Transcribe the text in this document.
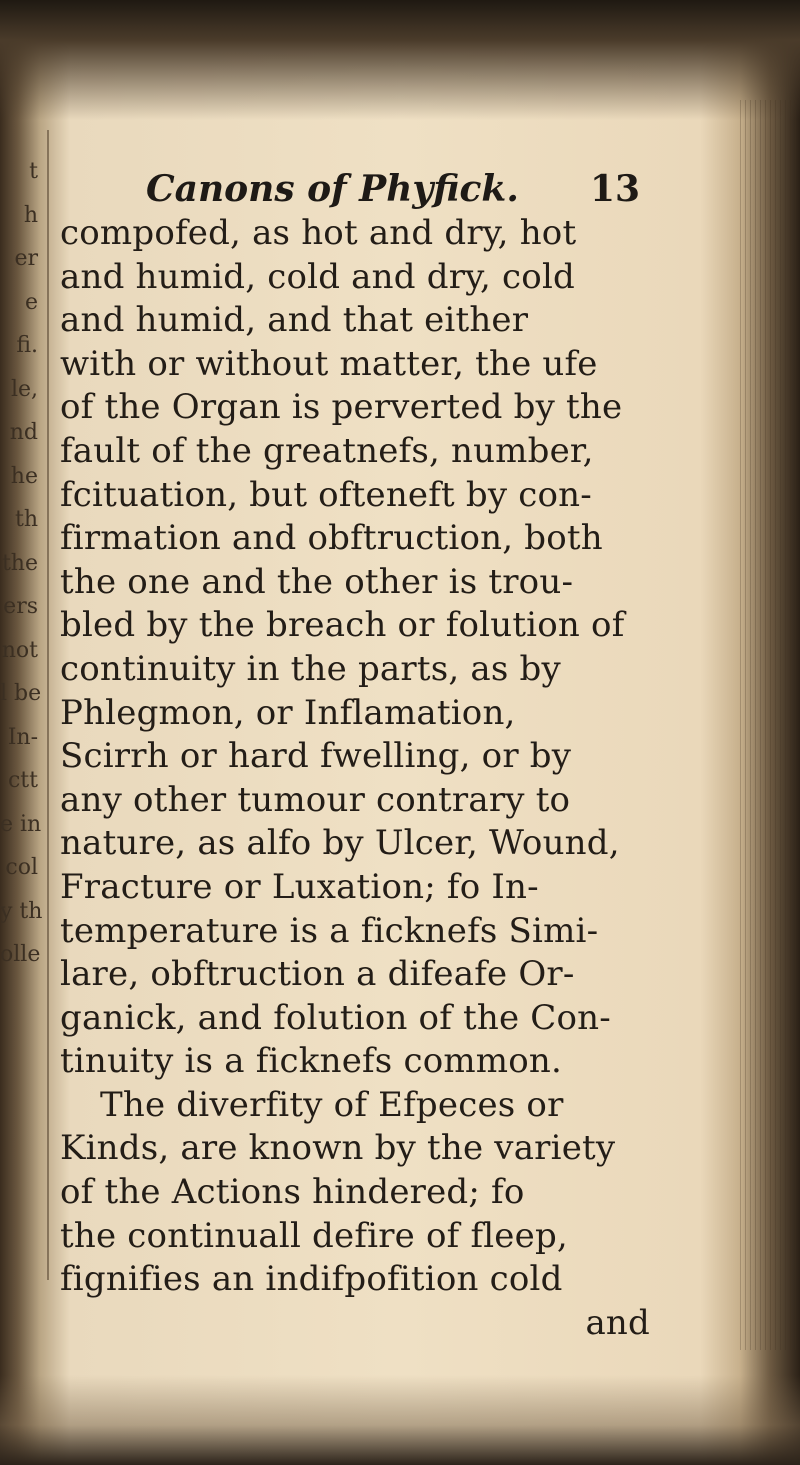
t
h
er
e
fi.
le,
nd
he
th
the
ers
not
l be
In-
ctt
e in
col
y th
olle
Canons of Phyfick. 13
compofed, as hot and dry, hot
and humid, cold and dry, cold
and humid, and that either
with or without matter, the ufe
of the Organ is perverted by the
fault of the greatnefs, number,
fcituation, but ofteneft by con-
firmation and obftruction, both
the one and the other is trou-
bled by the breach or folution of
continuity in the parts, as by
Phlegmon, or Inflamation,
Scirrh or hard fwelling, or by
any other tumour contrary to
nature, as alfo by Ulcer, Wound,
Fracture or Luxation; fo In-
temperature is a ficknefs Simi-
lare, obftruction a difeafe Or-
ganick, and folution of the Con-
tinuity is a ficknefs common.
The diverfity of Efpeces or
Kinds, are known by the variety
of the Actions hindered; fo
the continuall defire of fleep,
fignifies an indifpofition cold
and
